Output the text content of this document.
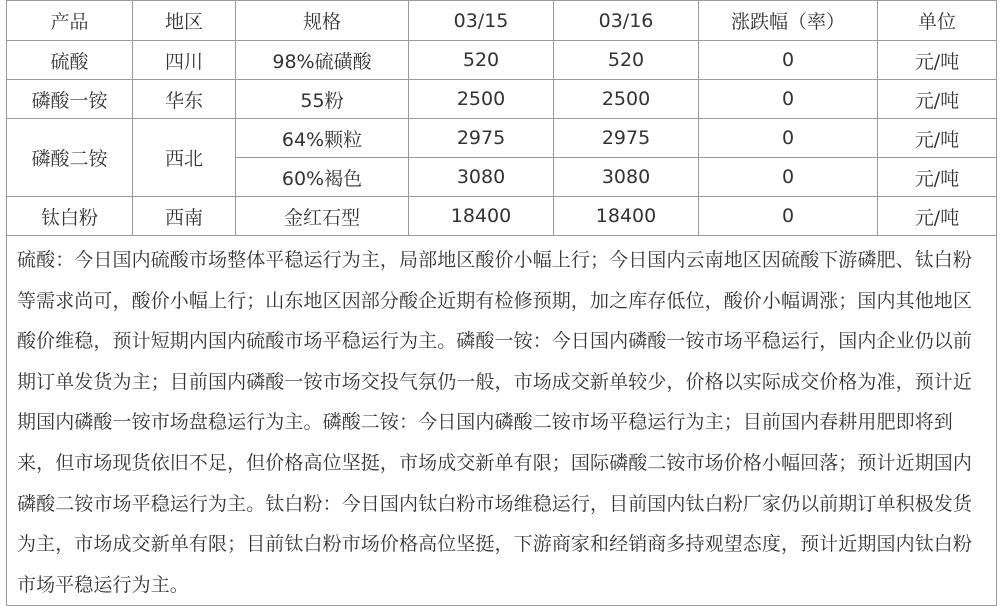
产品	地区	规格	03/15	03/16	涨跌幅（率）	单位
硫酸	四川	98%硫磺酸	520	520	0	元/吨
磷酸一铵	华东	55粉	2500	2500	0	元/吨
磷酸二铵	西北	64%颗粒	2975	2975	0	元/吨
		60%褐色	3080	3080	0	元/吨
钛白粉	西南	金红石型	18400	18400	0	元/吨
硫酸：今日国内硫酸市场整体平稳运行为主，局部地区酸价小幅上行；今日国内云南地区因硫酸下游磷肥、钛白粉等需求尚可，酸价小幅上行；山东地区因部分酸企近期有检修预期，加之库存低位，酸价小幅调涨；国内其他地区酸价维稳，预计短期内国内硫酸市场平稳运行为主。磷酸一铵：今日国内磷酸一铵市场平稳运行，国内企业仍以前期订单发货为主；目前国内磷酸一铵市场交投气氛仍一般，市场成交新单较少，价格以实际成交价格为准，预计近期国内磷酸一铵市场盘稳运行为主。磷酸二铵：今日国内磷酸二铵市场平稳运行为主；目前国内春耕用肥即将到来，但市场现货依旧不足，但价格高位坚挺，市场成交新单有限；国际磷酸二铵市场价格小幅回落；预计近期国内磷酸二铵市场平稳运行为主。钛白粉：今日国内钛白粉市场维稳运行，目前国内钛白粉厂家仍以前期订单积极发货为主，市场成交新单有限；目前钛白粉市场价格高位坚挺，下游商家和经销商多持观望态度，预计近期国内钛白粉市场平稳运行为主。						
